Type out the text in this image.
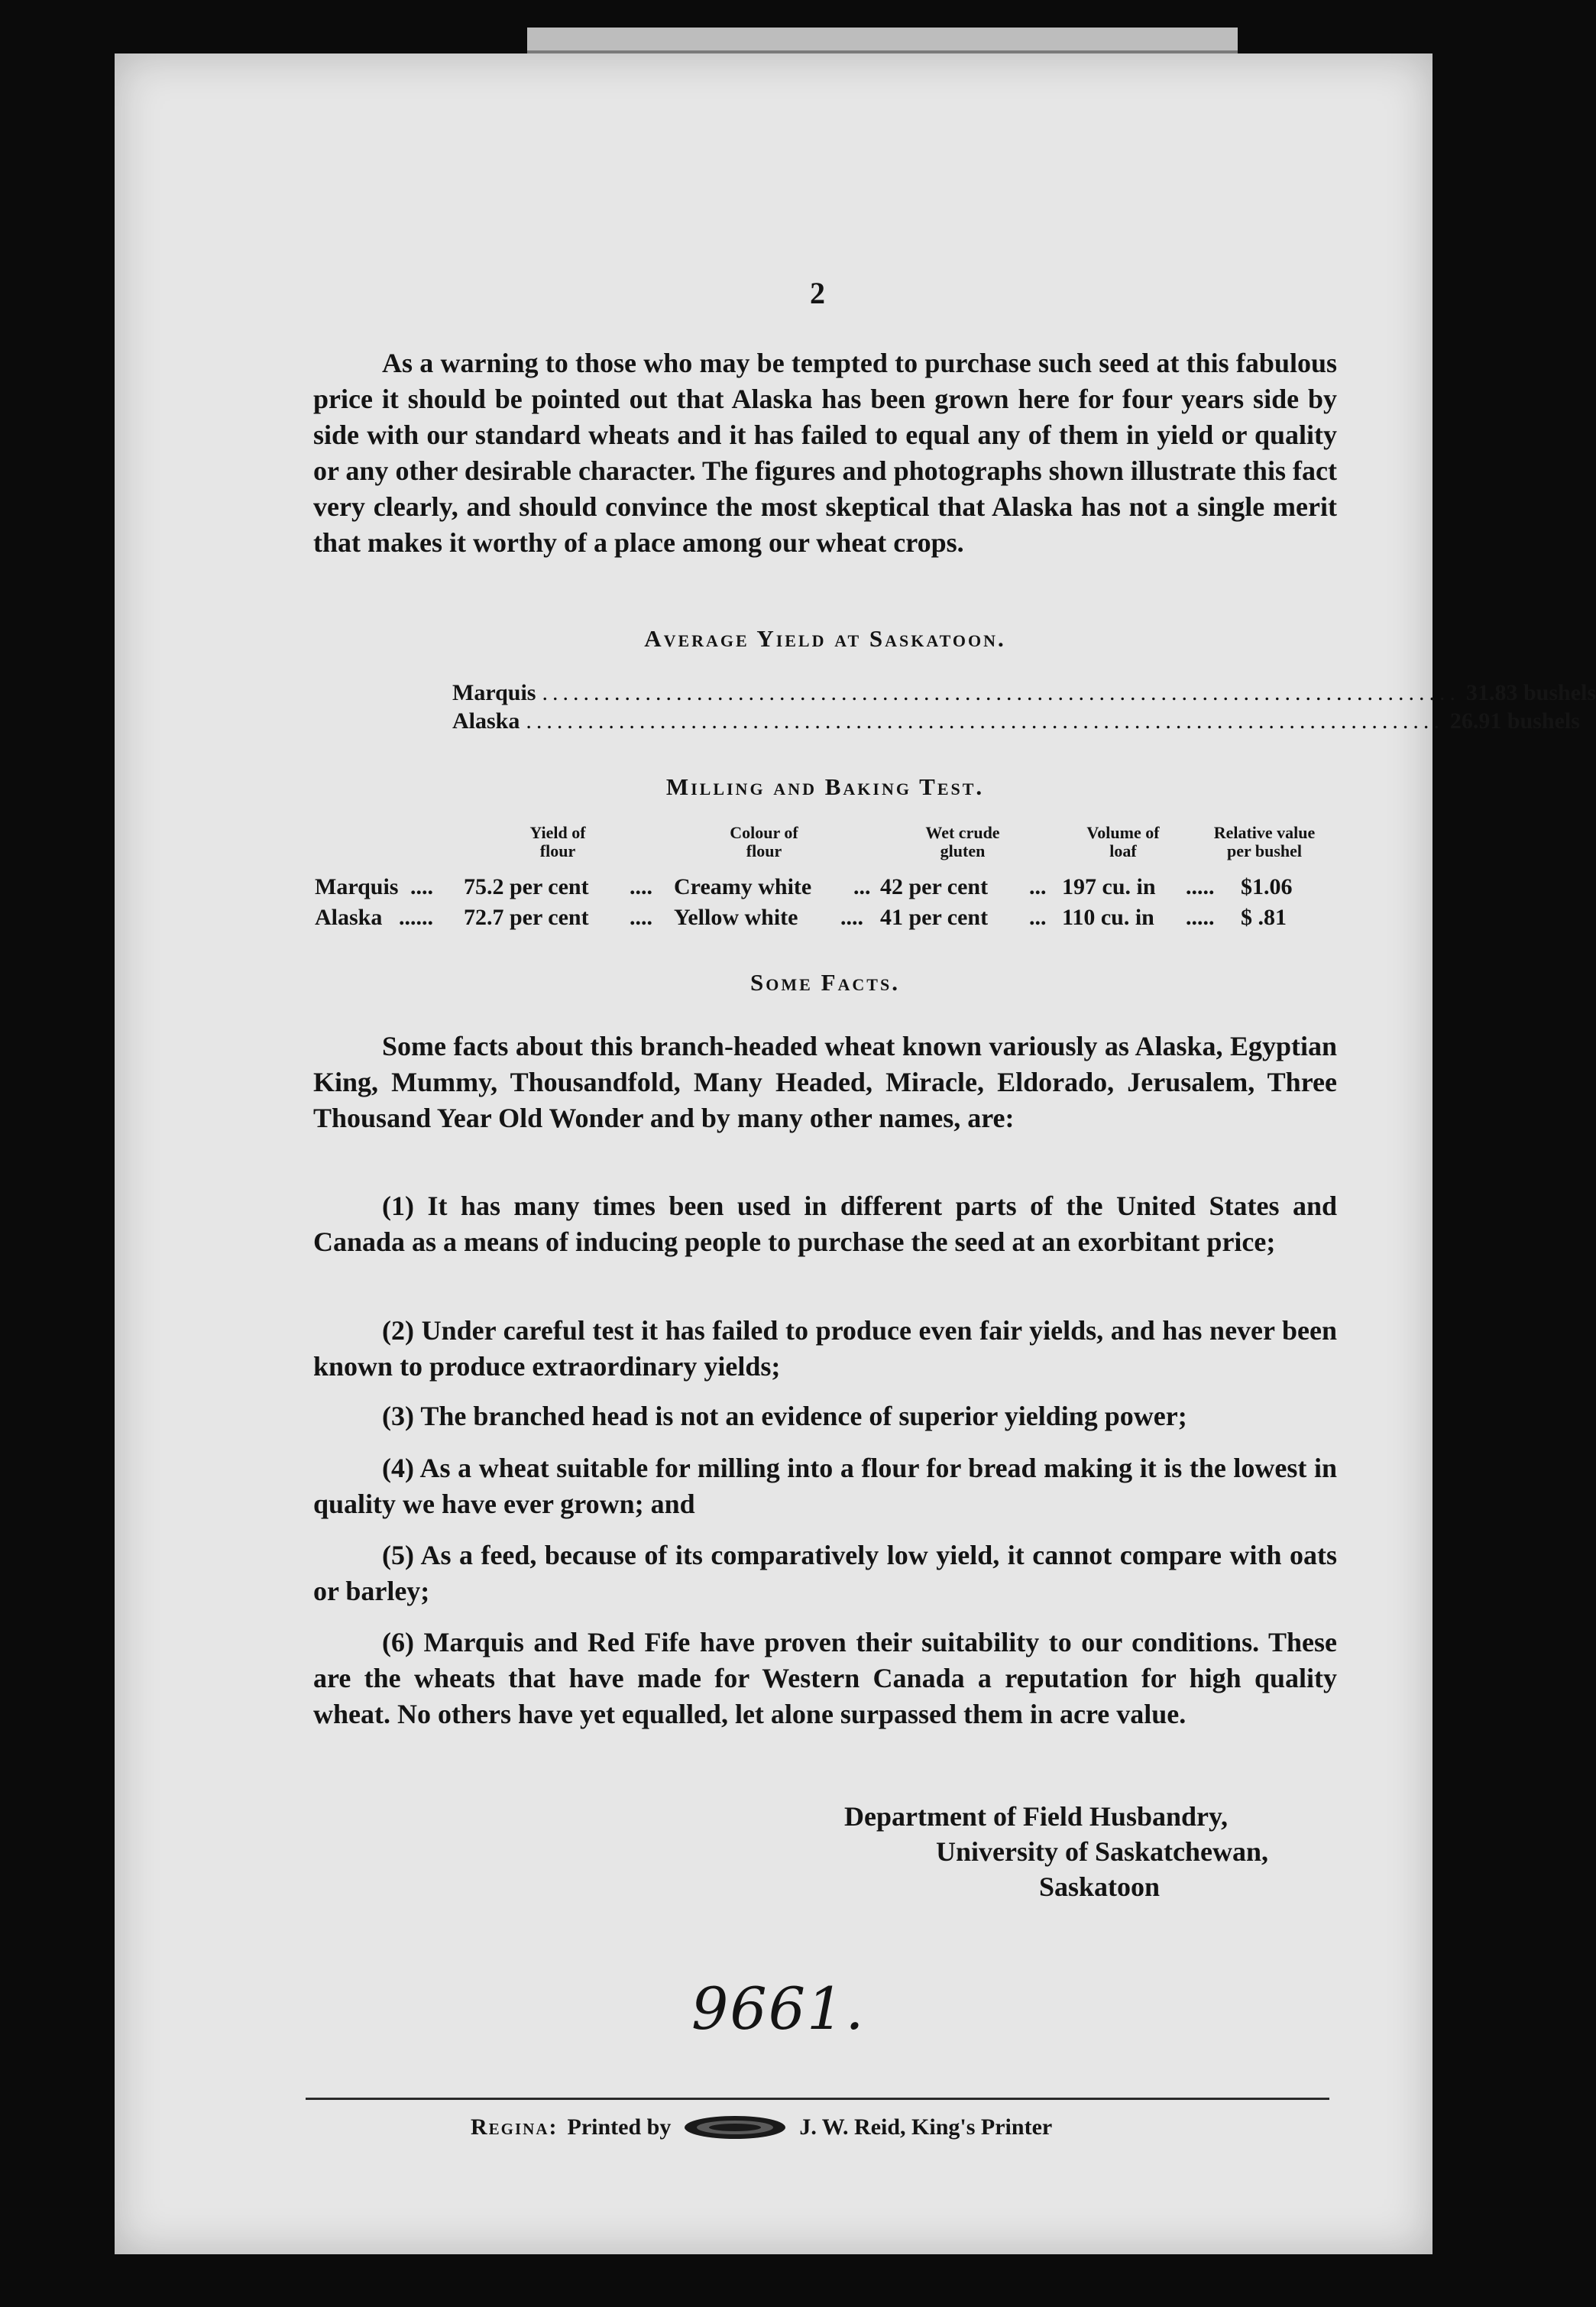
2

As a warning to those who may be tempted to purchase such seed at this fabulous price it should be pointed out that Alaska has been grown here for four years side by side with our standard wheats and it has failed to equal any of them in yield or quality or any other desirable character. The figures and photographs shown illustrate this fact very clearly, and should convince the most skeptical that Alaska has not a single merit that makes it worthy of a place among our wheat crops.

Average Yield at Saskatoon.
Marquis ......................................................................................... 31.83 bushels
Alaska ......................................................................................... 26.91 bushels
Milling and Baking Test.
Yield of
flour
Colour of
flour
Wet crude
gluten
Volume of
loaf
Relative value
per bushel
Marquis .... 75.2 per cent .... Creamy white ... 42 per cent ... 197 cu. in ..... $1.06
Alaska ...... 72.7 per cent .... Yellow white .... 41 per cent ... 110 cu. in ..... $ .81
Some Facts.

Some facts about this branch-headed wheat known variously as Alaska, Egyptian King, Mummy, Thousandfold, Many Headed, Miracle, Eldorado, Jerusalem, Three Thousand Year Old Wonder and by many other names, are:

(1) It has many times been used in different parts of the United States and Canada as a means of inducing people to purchase the seed at an exorbitant price;

(2) Under careful test it has failed to produce even fair yields, and has never been known to produce extraordinary yields;

(3) The branched head is not an evidence of superior yielding power;

(4) As a wheat suitable for milling into a flour for bread making it is the lowest in quality we have ever grown; and

(5) As a feed, because of its comparatively low yield, it cannot compare with oats or barley;

(6) Marquis and Red Fife have proven their suitability to our conditions. These are the wheats that have made for Western Canada a reputation for high quality wheat. No others have yet equalled, let alone surpassed them in acre value.

Department of Field Husbandry,
University of Saskatchewan,
Saskatoon
9661.
Regina: Printed by	J. W. Reid, King's Printer
